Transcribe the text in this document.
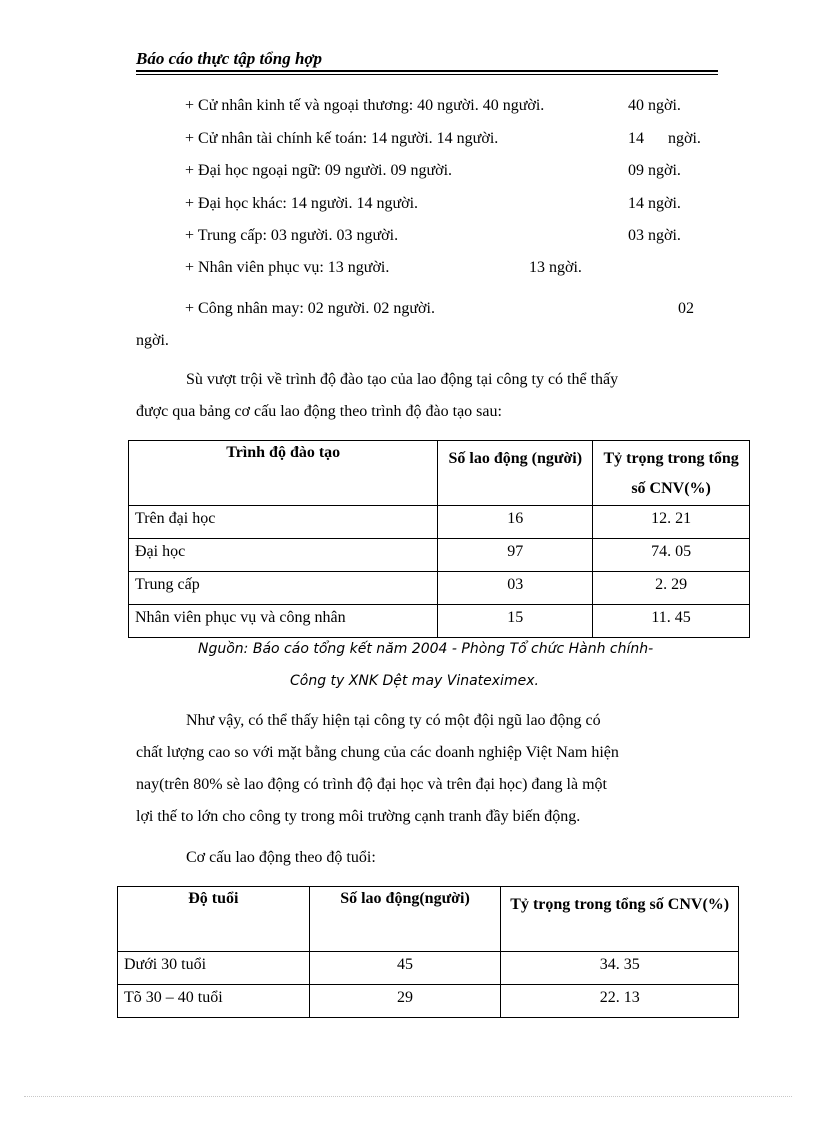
Báo cáo thực tập tổng hợp
+ Cử nhân kinh tế và ngoại thương: 40 người. 40 người.	40 ngời.
+ Cử nhân tài chính kế toán: 14 người. 14 người.	14      ngời.
+ Đại học ngoại ngữ: 09 người. 09 người.	09 ngời.
+ Đại học khác: 14 người. 14 người.	14 ngời.
+ Trung cấp: 03 người. 03 người.	03 ngời.
+ Nhân viên phục vụ: 13 người.	13 ngời.
+ Công nhân may: 02 người. 02 người.	02
ngời.
Sù vượt trội về trình độ đào tạo của lao động tại công ty có thể thấy
được qua bảng cơ cấu lao động theo trình độ đào tạo sau:
Trình độ đào tạo	Số lao động (người)	Tỷ trọng trong tổng số CNV(%)
Trên đại học	16	12. 21
Đại học	97	74. 05
Trung cấp	03	2. 29
Nhân viên phục vụ và công nhân	15	11. 45
Nguồn: Báo cáo tổng kết năm 2004 - Phòng Tổ chức Hành chính-
Công ty XNK Dệt may Vinateximex.
Như vậy, có thể thấy hiện tại công ty có một đội ngũ lao động có
chất lượng cao so với mặt bằng chung của các doanh nghiệp Việt Nam hiện
nay(trên 80% sè lao động có trình độ đại học và trên đại học) đang là một
lợi thế to lớn cho công ty trong môi trường cạnh tranh đầy biến động.
Cơ cấu lao động theo độ tuổi:
Độ tuổi	Số lao động(người)	Tỷ trọng trong tổng số CNV(%)
Dưới 30 tuổi	45	34. 35
Tõ 30 – 40 tuổi	29	22. 13
